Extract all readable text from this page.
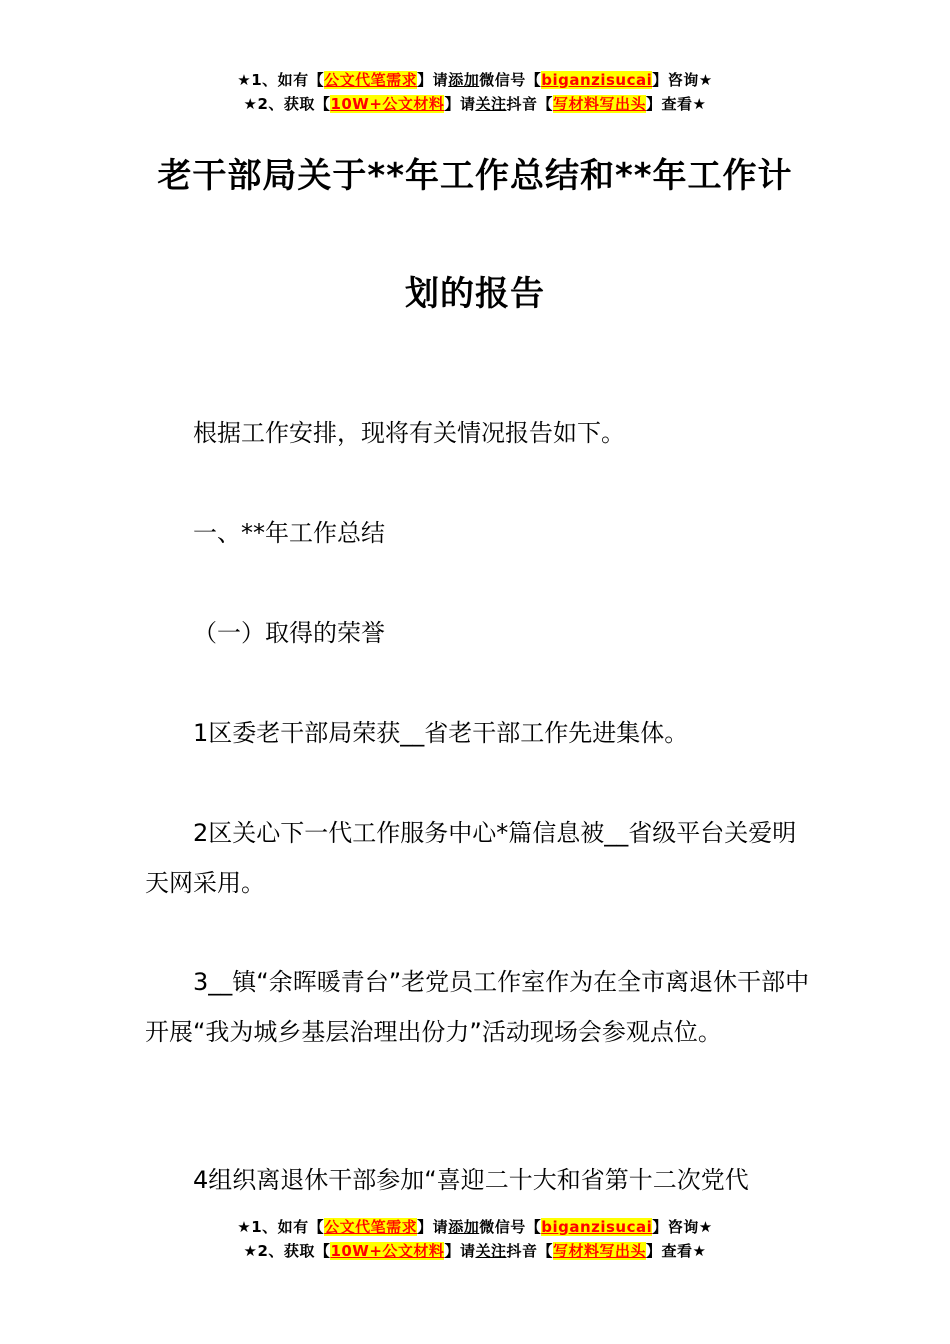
★1、如有【公文代笔需求】请添加微信号【biganzisucai】咨询★
★2、获取【10W+公文材料】请关注抖音【写材料写出头】查看★
老干部局关于**年工作总结和**年工作计
划的报告
根据工作安排，现将有关情况报告如下。
一、**年工作总结
（一）取得的荣誉
1区委老干部局荣获__省老干部工作先进集体。
2区关心下一代工作服务中心*篇信息被__省级平台关爱明天网采用。
3__镇“余晖暖青台”老党员工作室作为在全市离退休干部中开展“我为城乡基层治理出份力”活动现场会参观点位。
4组织离退休干部参加“喜迎二十大和省第十二次党代
★1、如有【公文代笔需求】请添加微信号【biganzisucai】咨询★
★2、获取【10W+公文材料】请关注抖音【写材料写出头】查看★
